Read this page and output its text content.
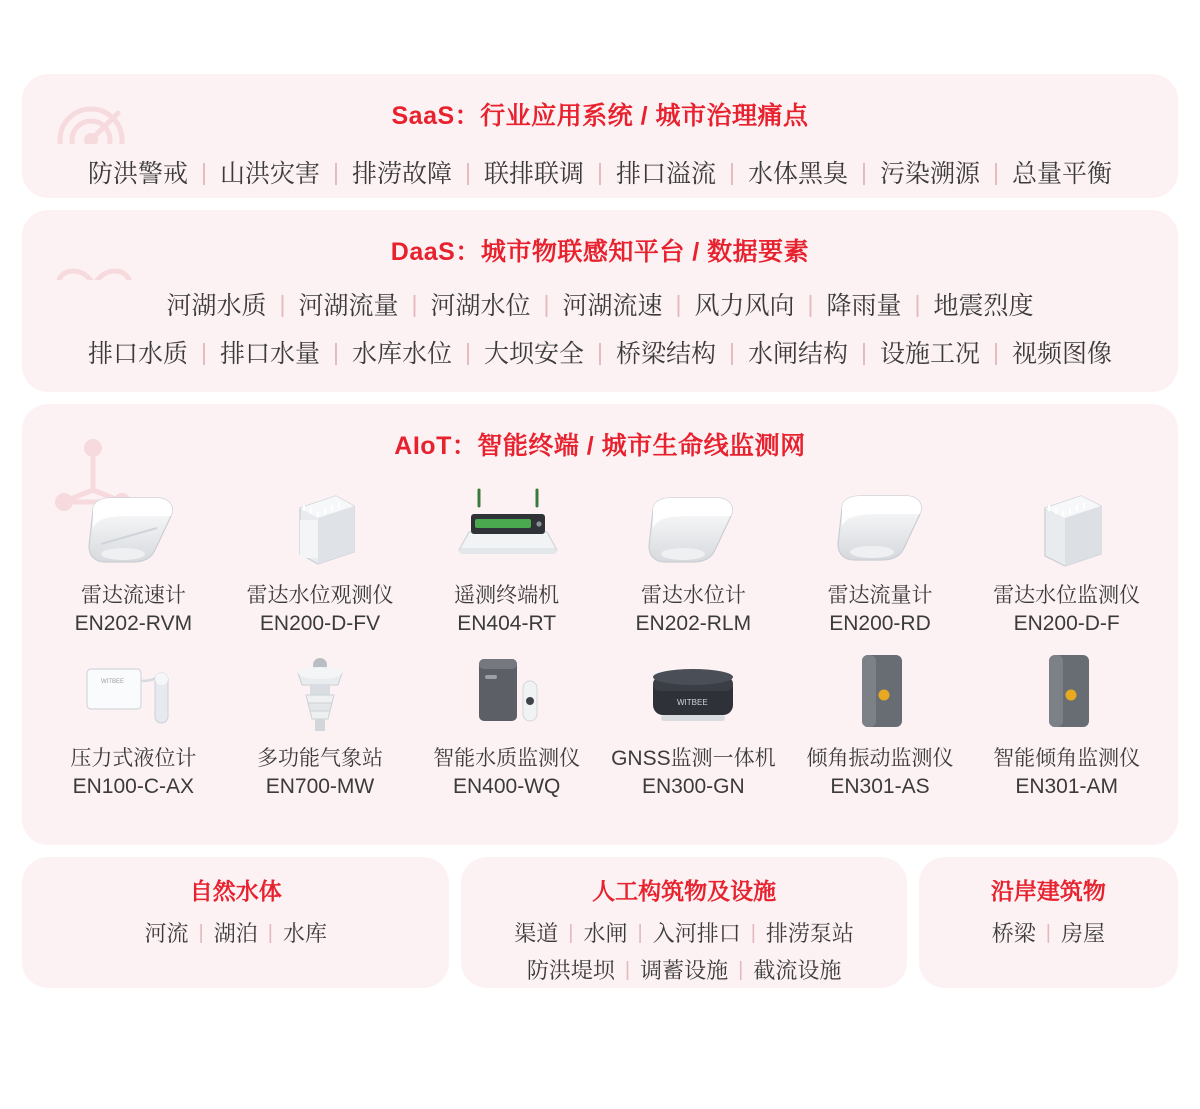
SaaS：行业应用系统 / 城市治理痛点
防洪警戒 | 山洪灾害 | 排涝故障 | 联排联调 | 排口溢流 | 水体黑臭 | 污染溯源 | 总量平衡
DaaS：城市物联感知平台 / 数据要素
河湖水质 | 河湖流量 | 河湖水位 | 河湖流速 | 风力风向 | 降雨量 | 地震烈度
排口水质 | 排口水量 | 水库水位 | 大坝安全 | 桥梁结构 | 水闸结构 | 设施工况 | 视频图像
AIoT：智能终端 / 城市生命线监测网
雷达流速计
EN202-RVM
雷达水位观测仪
EN200-D-FV
遥测终端机
EN404-RT
雷达水位计
EN202-RLM
雷达流量计
EN200-RD
雷达水位监测仪
EN200-D-F
WITBEE
压力式液位计
EN100-C-AX
多功能气象站
EN700-MW
智能水质监测仪
EN400-WQ
WITBEE
GNSS监测一体机
EN300-GN
倾角振动监测仪
EN301-AS
智能倾角监测仪
EN301-AM
自然水体
河流 | 湖泊 | 水库
人工构筑物及设施
渠道 | 水闸 | 入河排口 | 排涝泵站
防洪堤坝 | 调蓄设施 | 截流设施
沿岸建筑物
桥梁 | 房屋
